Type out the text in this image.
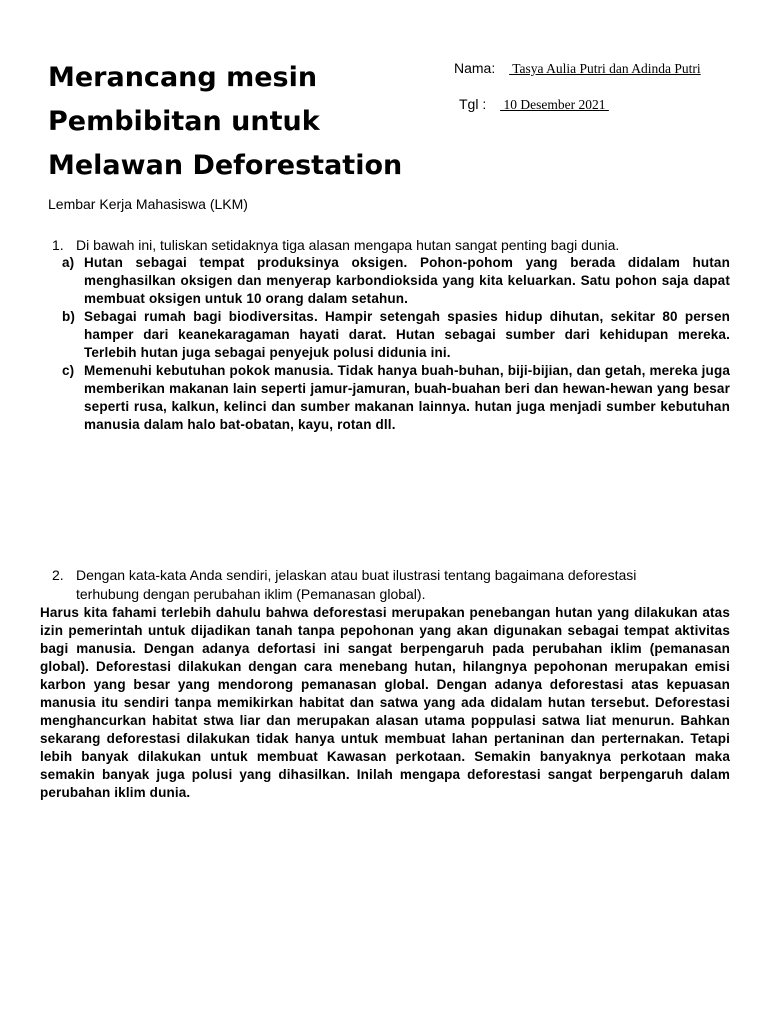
Merancang mesin
Pembibitan untuk
Melawan Deforestation
Nama:  Tasya Aulia Putri dan Adinda Putri
Tgl :  10 Desember 2021

Lembar Kerja Mahasiswa (LKM)

1. Di bawah ini, tuliskan setidaknya tiga alasan mengapa hutan sangat penting bagi dunia.
a) Hutan sebagai tempat produksinya oksigen. Pohon-pohom yang berada didalam hutan menghasilkan oksigen dan menyerap karbondioksida yang kita keluarkan. Satu pohon saja dapat membuat oksigen untuk 10 orang dalam setahun.
b) Sebagai rumah bagi biodiversitas. Hampir setengah spasies hidup dihutan, sekitar 80 persen hamper dari keanekaragaman hayati darat. Hutan sebagai sumber dari kehidupan mereka. Terlebih hutan juga sebagai penyejuk polusi didunia ini.
c) Memenuhi kebutuhan pokok manusia. Tidak hanya buah-buhan, biji-bijian, dan getah, mereka juga memberikan makanan lain seperti jamur-jamuran, buah-buahan beri dan hewan-hewan yang besar seperti rusa, kalkun, kelinci dan sumber makanan lainnya. hutan juga menjadi sumber kebutuhan manusia dalam halo bat-obatan, kayu, rotan dll.
2. Dengan kata-kata Anda sendiri, jelaskan atau buat ilustrasi tentang bagaimana deforestasi
terhubung dengan perubahan iklim (Pemanasan global).

Harus kita fahami terlebih dahulu bahwa deforestasi merupakan penebangan hutan yang dilakukan atas izin pemerintah untuk dijadikan tanah tanpa pepohonan yang akan digunakan sebagai tempat aktivitas bagi manusia. Dengan adanya defortasi ini sangat berpengaruh pada perubahan iklim (pemanasan global). Deforestasi dilakukan dengan cara menebang hutan, hilangnya pepohonan merupakan emisi karbon yang besar yang mendorong pemanasan global. Dengan adanya deforestasi atas kepuasan manusia itu sendiri tanpa memikirkan habitat dan satwa yang ada didalam hutan tersebut. Deforestasi menghancurkan habitat stwa liar dan merupakan alasan utama poppulasi satwa liat menurun. Bahkan sekarang deforestasi dilakukan tidak hanya untuk membuat lahan pertaninan dan perternakan. Tetapi lebih banyak dilakukan untuk membuat Kawasan perkotaan. Semakin banyaknya perkotaan maka semakin banyak juga polusi yang dihasilkan. Inilah mengapa deforestasi sangat berpengaruh dalam perubahan iklim dunia.
